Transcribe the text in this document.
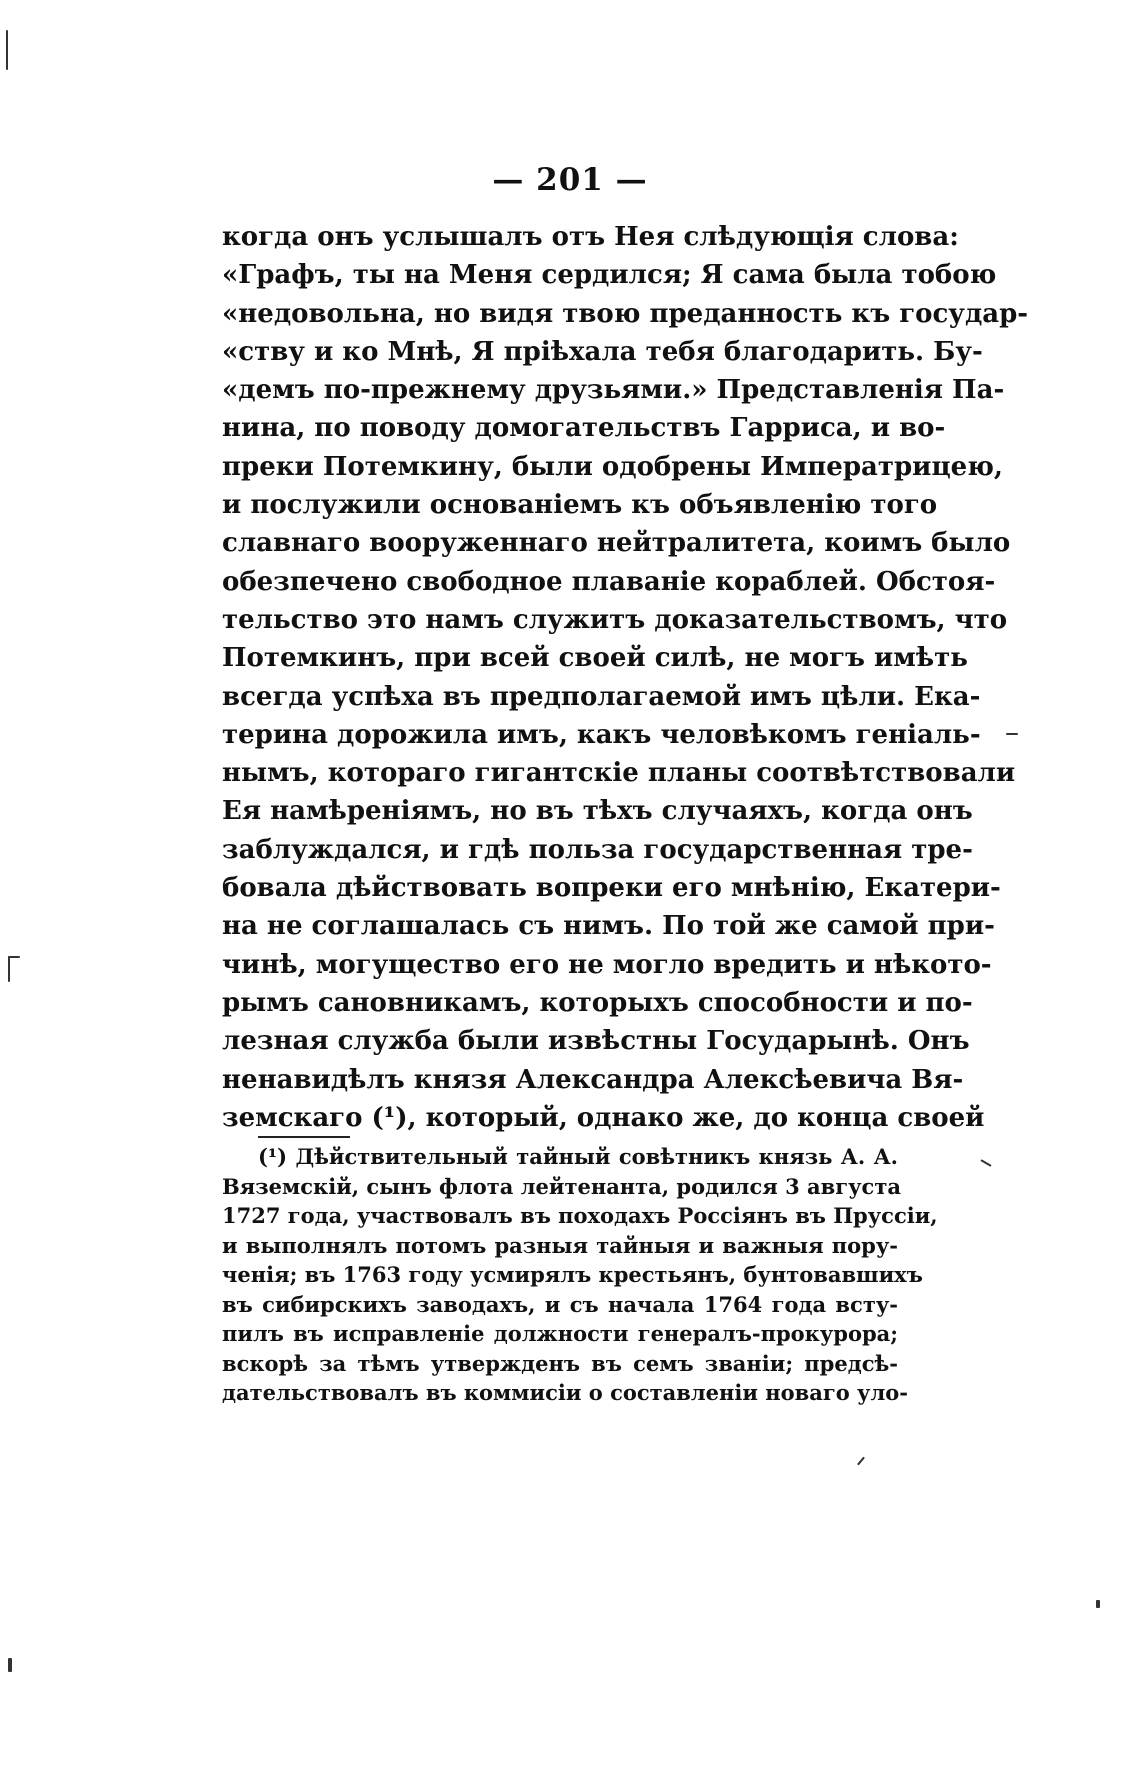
— 201 —
когда онъ услышалъ отъ Нея слѣдующія слова:
«Графъ, ты на Меня сердился; Я сама была тобою
«недовольна, но видя твою преданность къ государ-
«ству и ко Мнѣ, Я пріѣхала тебя благодарить. Бу-
«демъ по-прежнему друзьями.» Представленія Па-
нина, по поводу домогательствъ Гарриса, и во-
преки Потемкину, были одобрены Императрицею,
и послужили основаніемъ къ объявленію того
славнаго вооруженнаго нейтралитета, коимъ было
обезпечено свободное плаваніе кораблей. Обстоя-
тельство это намъ служитъ доказательствомъ, что
Потемкинъ, при всей своей силѣ, не могъ имѣть
всегда успѣха въ предполагаемой имъ цѣли. Ека-
терина дорожила имъ, какъ человѣкомъ геніаль-
нымъ, котораго гигантскіе планы соотвѣтствовали
Ея намѣреніямъ, но въ тѣхъ случаяхъ, когда онъ
заблуждался, и гдѣ польза государственная тре-
бовала дѣйствовать вопреки его мнѣнію, Екатери-
на не соглашалась съ нимъ. По той же самой при-
чинѣ, могущество его не могло вредить и нѣкото-
рымъ сановникамъ, которыхъ способности и по-
лезная служба были извѣстны Государынѣ. Онъ
ненавидѣлъ князя Александра Алексѣевича Вя-
земскаго (¹), который, однако же, до конца своей
(¹) Дѣйствительный тайный совѣтникъ князь А. А.
Вяземскій, сынъ флота лейтенанта, родился 3 августа
1727 года, участвовалъ въ походахъ Россіянъ въ Пруссіи,
и выполнялъ потомъ разныя тайныя и важныя пору-
ченія; въ 1763 году усмирялъ крестьянъ, бунтовавшихъ
въ сибирскихъ заводахъ, и съ начала 1764 года всту-
пилъ въ исправленіе должности генералъ-прокурора;
вскорѣ за тѣмъ утвержденъ въ семъ званіи; предсѣ-
дательствовалъ въ коммисіи о составленіи новаго уло-
